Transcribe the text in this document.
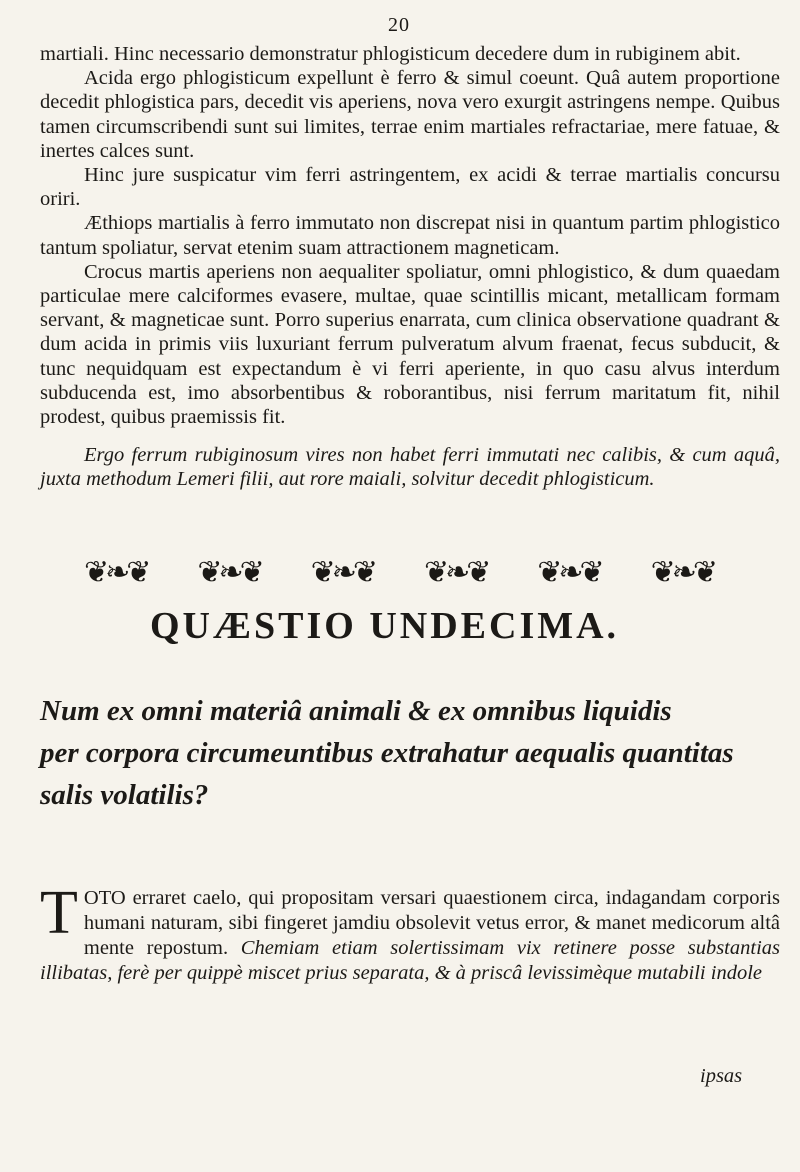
20

martiali. Hinc necessario demonstratur phlogisticum decedere dum in rubiginem abit.

Acida ergo phlogisticum expellunt è ferro & simul coeunt. Quâ autem proportione decedit phlogistica pars, decedit vis aperiens, nova vero exurgit astringens nempe. Quibus tamen circumscribendi sunt sui limites, terrae enim martiales refractariae, mere fatuae, & inertes calces sunt.

Hinc jure suspicatur vim ferri astringentem, ex acidi & terrae martialis concursu oriri.

Æthiops martialis à ferro immutato non discrepat nisi in quantum partim phlogisticо tantum spoliatur, servat etenim suam attractionem magneticam.

Crocus martis aperiens non aequaliter spoliatur, omni phlogistico, & dum quaedam particulae mere calciformes evasere, multae, quae scintillis micant, metallicam formam servant, & magneticae sunt. Porro superius enarrata, cum clinica observatione quadrant & dum acida in primis viis luxuriant ferrum pulveratum alvum fraenat, fecus subducit, & tunc nequidquam est expectandum è vi ferri aperiente, in quo casu alvus interdum subducenda est, imo absorbentibus & roborantibus, nisi ferrum maritatum fit, nihil prodest, quibus praemissis fit.

Ergo ferrum rubiginosum vires non habet ferri immutati nec calibis, & cum aquâ, juxta methodum Lemeri filii, aut rore maiali, solvitur decedit phlogisticum.

❦❧❦ ❦❧❦ ❦❧❦ ❦❧❦ ❦❧❦ ❦❧❦
QUÆSTIO UNDECIMA.
Num ex omni materiâ animali & ex omnibus liquidis
per corpora circumeuntibus extrahatur aequalis quantitas
salis volatilis?

T OTO erraret caelo, qui propositam versari quaestionem circa, indagandam corporis humani naturam, sibi fingeret jamdiu obsolevit vetus error, & manet medicorum altâ mente repostum. Chemiam etiam solertissimam vix retinere posse substantias illibatas, ferè per quippè miscet prius separata, & à priscâ levissimèque mutabili indole

ipsas
